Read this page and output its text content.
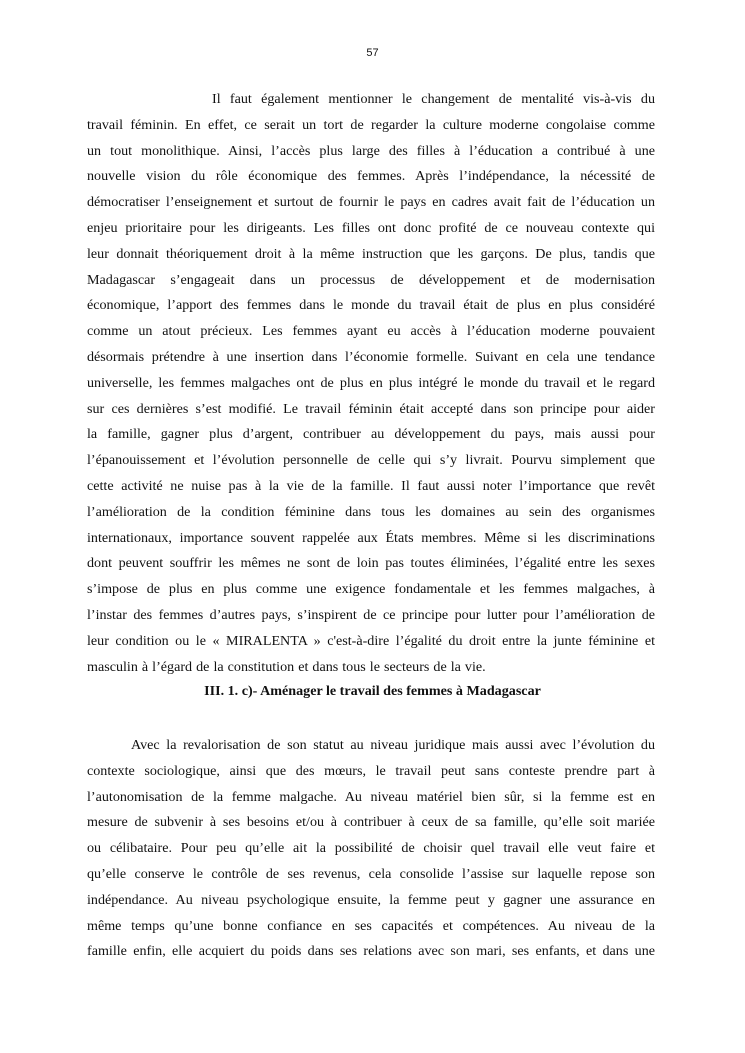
57
Il faut également mentionner le changement de mentalité vis-à-vis du
travail féminin. En effet, ce serait un tort de regarder la culture moderne congolaise comme
un tout monolithique. Ainsi, l’accès plus large des filles à l’éducation a contribué à une
nouvelle vision du rôle économique des femmes. Après l’indépendance, la nécessité de
démocratiser l’enseignement et surtout de fournir le pays en cadres avait fait de l’éducation un
enjeu prioritaire pour les dirigeants. Les filles ont donc profité de ce nouveau contexte qui
leur donnait théoriquement droit à la même instruction que les garçons. De plus, tandis que
Madagascar s’engageait dans un processus de développement et de modernisation
économique, l’apport des femmes dans le monde du travail était de plus en plus considéré
comme un atout précieux. Les femmes ayant eu accès à l’éducation moderne pouvaient
désormais prétendre à une insertion dans l’économie formelle. Suivant en cela une tendance
universelle, les femmes malgaches ont de plus en plus intégré le monde du travail et le regard
sur ces dernières s’est modifié. Le travail féminin était accepté dans son principe pour aider
la famille, gagner plus d’argent, contribuer au développement du pays, mais aussi pour
l’épanouissement et l’évolution personnelle de celle qui s’y livrait. Pourvu simplement que
cette activité ne nuise pas à la vie de la famille. Il faut aussi noter l’importance que revêt
l’amélioration de la condition féminine dans tous les domaines au sein des organismes
internationaux, importance souvent rappelée aux États membres. Même si les discriminations
dont peuvent souffrir les mêmes ne sont de loin pas toutes éliminées, l’égalité entre les sexes
s’impose de plus en plus comme une exigence fondamentale et les femmes malgaches, à
l’instar des femmes d’autres pays, s’inspirent de ce principe pour lutter pour l’amélioration de
leur condition ou le « MIRALENTA » c'est-à-dire l’égalité du droit entre la junte féminine et
masculin à l’égard de la constitution et dans tous le secteurs de la vie.
III. 1. c)- Aménager le travail des femmes à Madagascar
Avec la revalorisation de son statut au niveau juridique mais aussi avec l’évolution du
contexte sociologique, ainsi que des mœurs, le travail peut sans conteste prendre part à
l’autonomisation de la femme malgache. Au niveau matériel bien sûr, si la femme est en
mesure de subvenir à ses besoins et/ou à contribuer à ceux de sa famille, qu’elle soit mariée
ou célibataire. Pour peu qu’elle ait la possibilité de choisir quel travail elle veut faire et
qu’elle conserve le contrôle de ses revenus, cela consolide l’assise sur laquelle repose son
indépendance. Au niveau psychologique ensuite, la femme peut y gagner une assurance en
même temps qu’une bonne confiance en ses capacités et compétences. Au niveau de la
famille enfin, elle acquiert du poids dans ses relations avec son mari, ses enfants, et dans une
